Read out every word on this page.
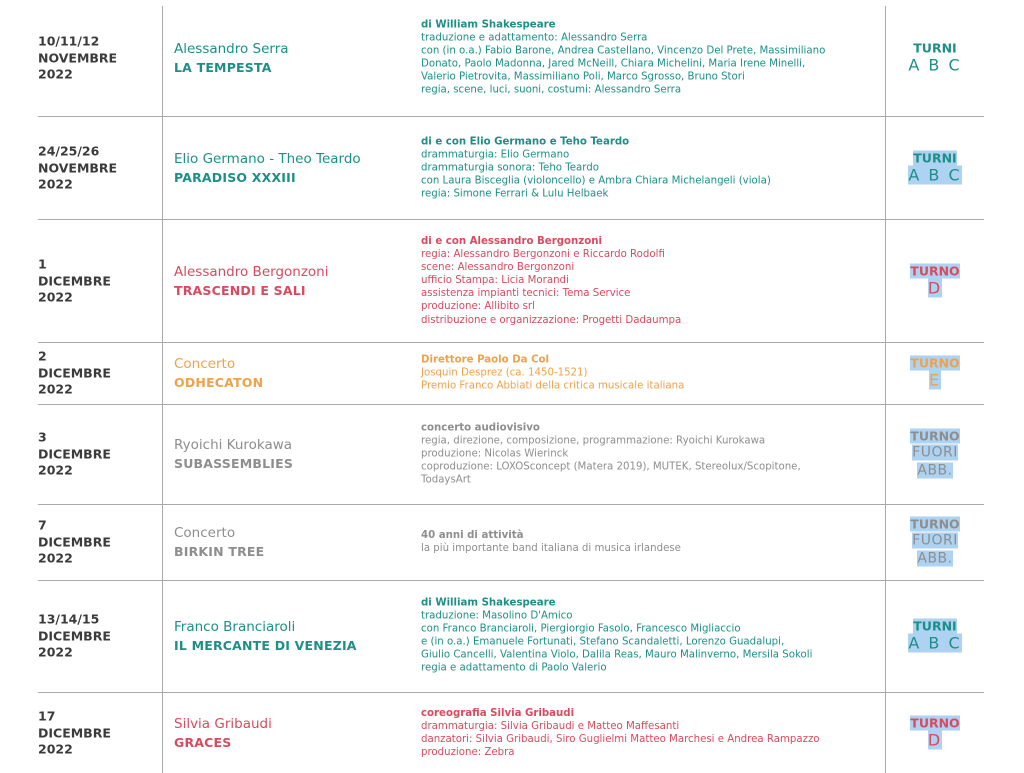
10/11/12
NOVEMBRE
2022
Alessandro Serra
LA TEMPESTA
di William Shakespeare
traduzione e adattamento: Alessandro Serra
con (in o.a.) Fabio Barone, Andrea Castellano, Vincenzo Del Prete, Massimiliano
Donato, Paolo Madonna, Jared McNeill, Chiara Michelini, Maria Irene Minelli,
Valerio Pietrovita, Massimiliano Poli, Marco Sgrosso, Bruno Stori
regia, scene, luci, suoni, costumi: Alessandro Serra
TURNI
A B C
24/25/26
NOVEMBRE
2022
Elio Germano - Theo Teardo
PARADISO XXXIII
di e con Elio Germano e Teho Teardo
drammaturgia: Elio Germano
drammaturgia sonora: Teho Teardo
con Laura Bisceglia (violoncello) e Ambra Chiara Michelangeli (viola)
regia: Simone Ferrari & Lulu Helbaek
TURNI
A B C
1
DICEMBRE
2022
Alessandro Bergonzoni
TRASCENDI E SALI
di e con Alessandro Bergonzoni
regia: Alessandro Bergonzoni e Riccardo Rodolfi
scene: Alessandro Bergonzoni
ufficio Stampa: Licia Morandi
assistenza impianti tecnici: Tema Service
produzione: Allibito srl
distribuzione e organizzazione: Progetti Dadaumpa
TURNO
D
2
DICEMBRE
2022
Concerto
ODHECATON
Direttore Paolo Da Col
Josquin Desprez (ca. 1450-1521)
Premio Franco Abbiati della critica musicale italiana
TURNO
E
3
DICEMBRE
2022
Ryoichi Kurokawa
SUBASSEMBLIES
concerto audiovisivo
regia, direzione, composizione, programmazione: Ryoichi Kurokawa
produzione: Nicolas Wierinck
coproduzione: LOXOSconcept (Matera 2019), MUTEK, Stereolux/Scopitone,
TodaysArt
TURNO
FUORI
ABB.
7
DICEMBRE
2022
Concerto
BIRKIN TREE
40 anni di attività
la più importante band italiana di musica irlandese
TURNO
FUORI
ABB.
13/14/15
DICEMBRE
2022
Franco Branciaroli
IL MERCANTE DI VENEZIA
di William Shakespeare
traduzione: Masolino D'Amico
con Franco Branciaroli, Piergiorgio Fasolo, Francesco Migliaccio
e (in o.a.) Emanuele Fortunati, Stefano Scandaletti, Lorenzo Guadalupi,
Giulio Cancelli, Valentina Violo, Dalila Reas, Mauro Malinverno, Mersila Sokoli
regia e adattamento di Paolo Valerio
TURNI
A B C
17
DICEMBRE
2022
Silvia Gribaudi
GRACES
coreografia Silvia Gribaudi
drammaturgia: Silvia Gribaudi e Matteo Maffesanti
danzatori: Silvia Gribaudi, Siro Guglielmi Matteo Marchesi e Andrea Rampazzo
produzione: Zebra
TURNO
D
